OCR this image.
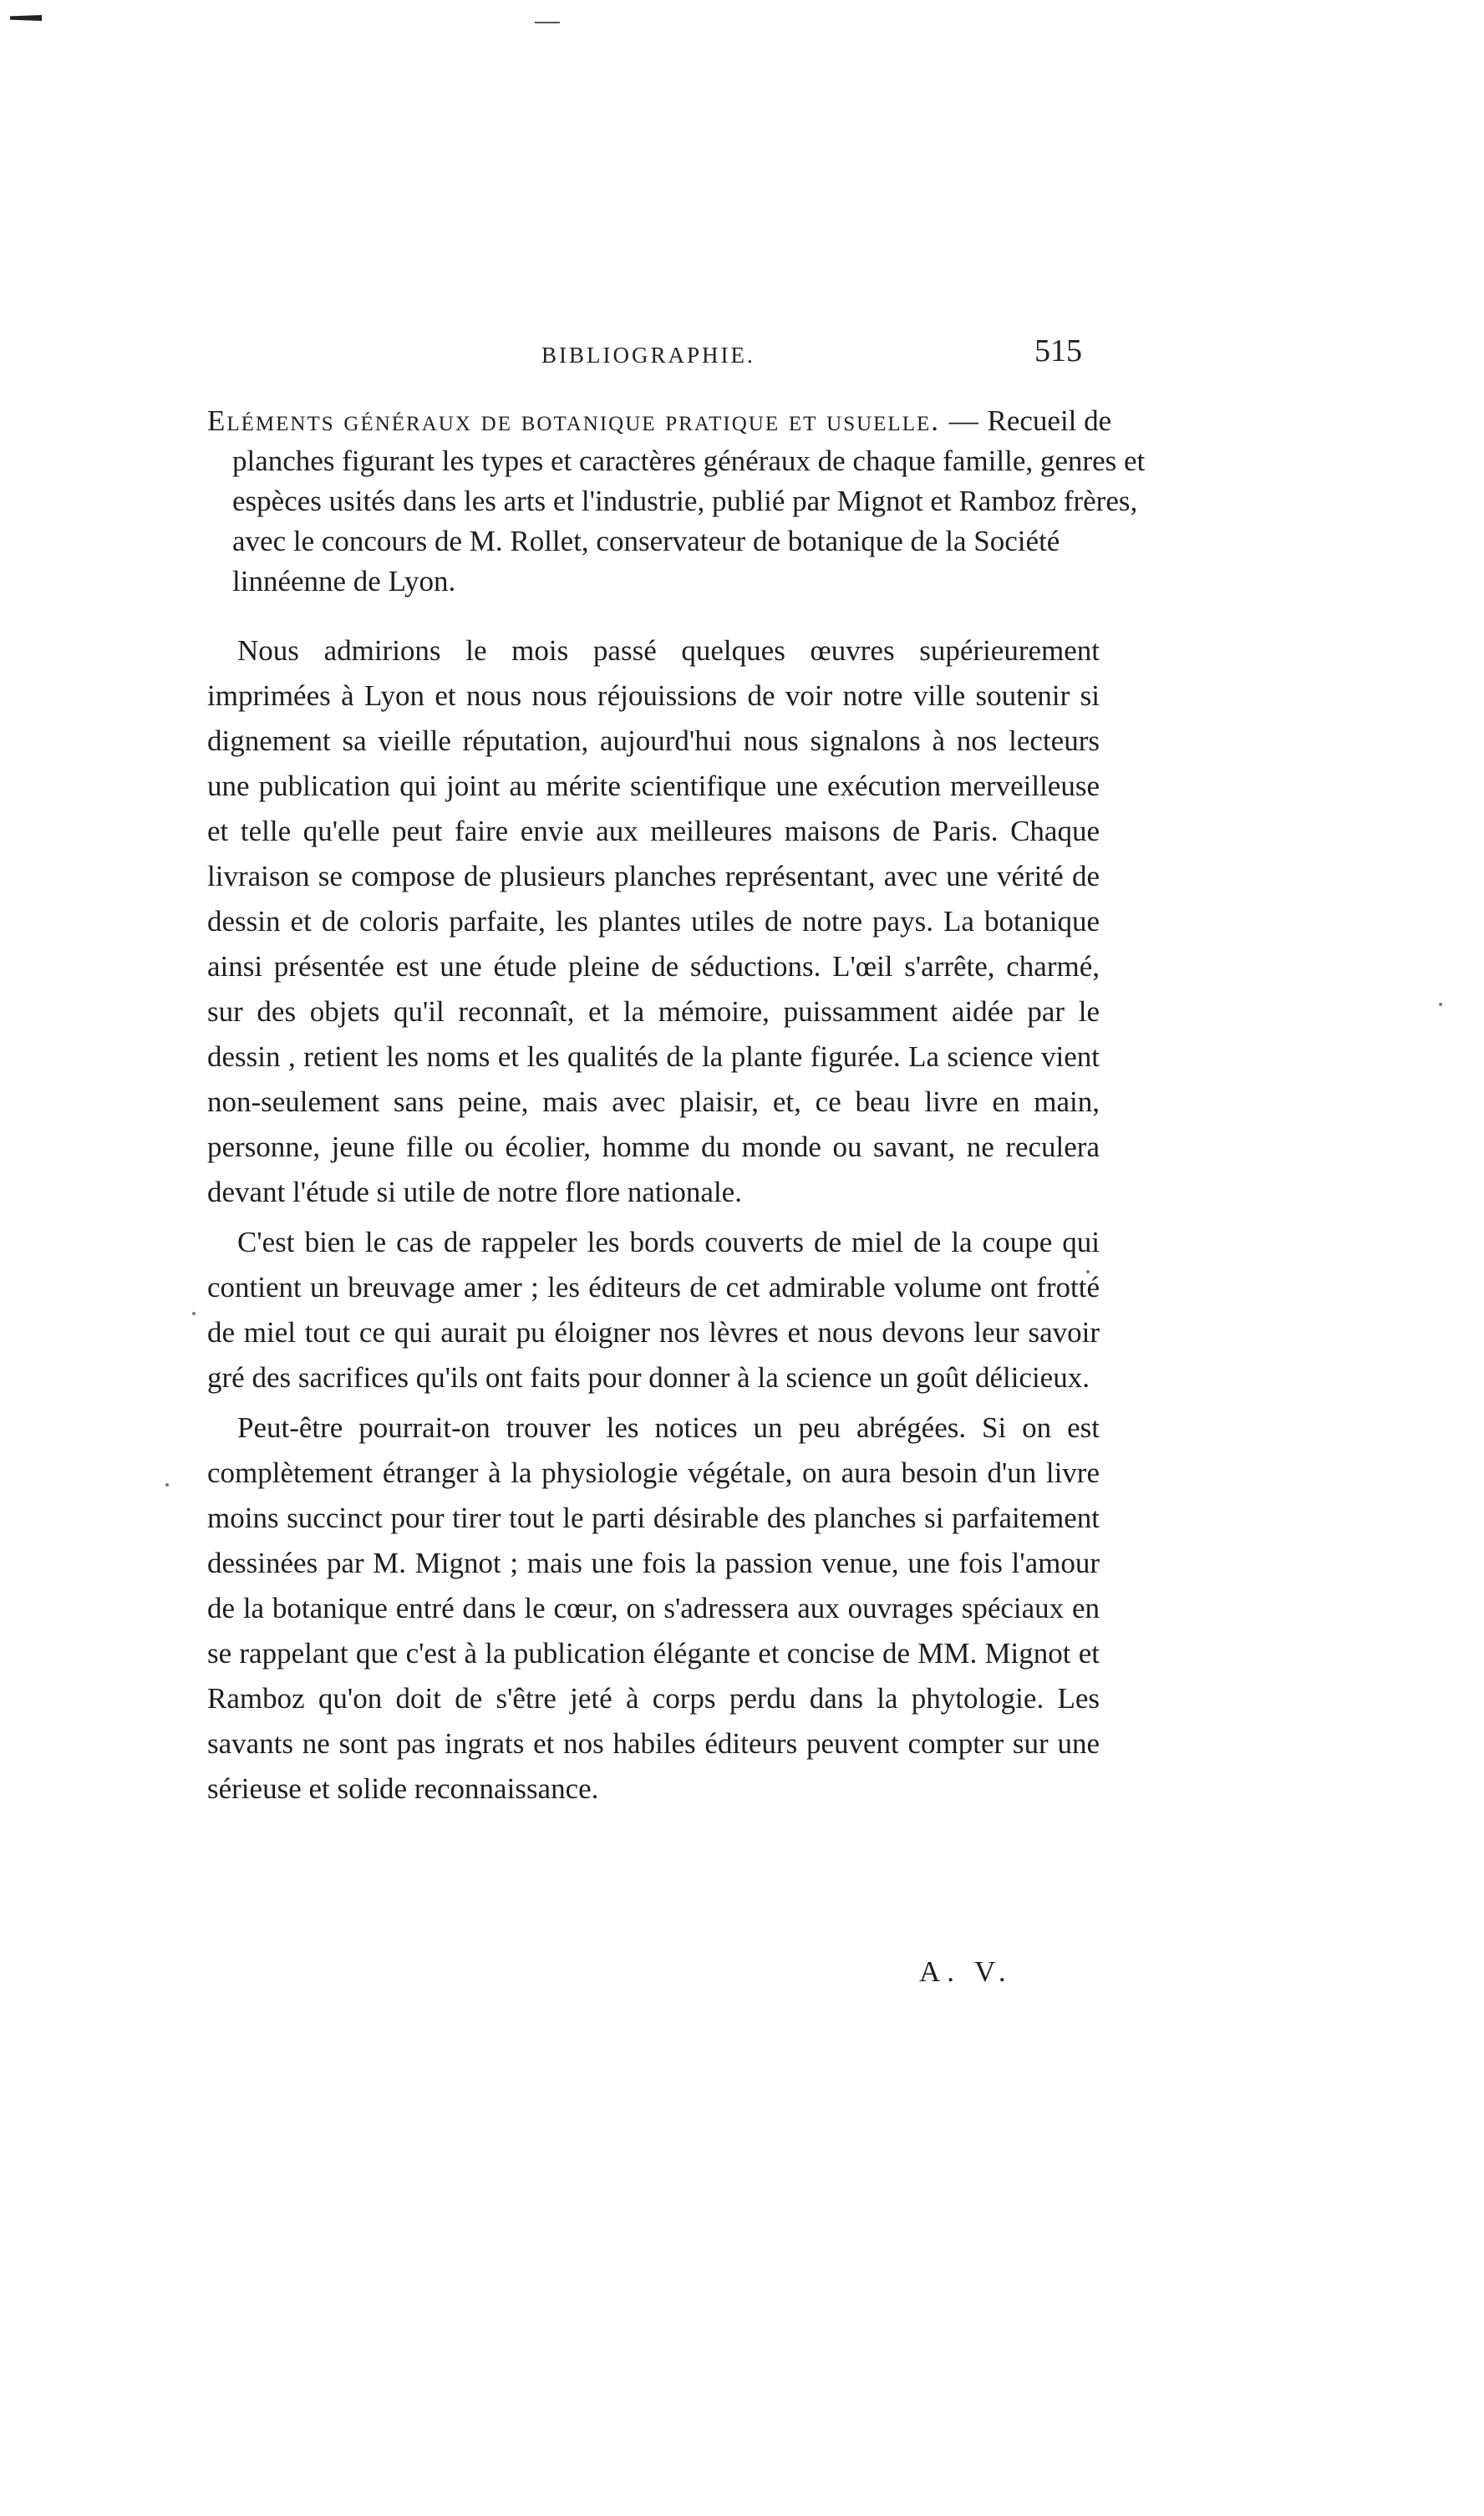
BIBLIOGRAPHIE.	515
Eléments généraux de botanique pratique et usuelle. — Recueil de planches figurant les types et caractères généraux de chaque famille, genres et espèces usités dans les arts et l'industrie, publié par Mignot et Ramboz frères, avec le concours de M. Rollet, conservateur de botanique de la Société linnéenne de Lyon.

Nous admirions le mois passé quelques œuvres supérieurement imprimées à Lyon et nous nous réjouissions de voir notre ville soutenir si dignement sa vieille réputation, aujourd'hui nous signalons à nos lecteurs une publication qui joint au mérite scientifique une exécution merveilleuse et telle qu'elle peut faire envie aux meilleures maisons de Paris. Chaque livraison se compose de plusieurs planches représentant, avec une vérité de dessin et de coloris parfaite, les plantes utiles de notre pays. La botanique ainsi présentée est une étude pleine de séductions. L'œil s'arrête, charmé, sur des objets qu'il reconnaît, et la mémoire, puissamment aidée par le dessin , retient les noms et les qualités de la plante figurée. La science vient non-seulement sans peine, mais avec plaisir, et, ce beau livre en main, personne, jeune fille ou écolier, homme du monde ou savant, ne reculera devant l'étude si utile de notre flore nationale.

C'est bien le cas de rappeler les bords couverts de miel de la coupe qui contient un breuvage amer ; les éditeurs de cet admirable volume ont frotté de miel tout ce qui aurait pu éloigner nos lèvres et nous devons leur savoir gré des sacrifices qu'ils ont faits pour donner à la science un goût délicieux.

Peut-être pourrait-on trouver les notices un peu abrégées. Si on est complètement étranger à la physiologie végétale, on aura besoin d'un livre moins succinct pour tirer tout le parti désirable des planches si parfaitement dessinées par M. Mignot ; mais une fois la passion venue, une fois l'amour de la botanique entré dans le cœur, on s'adressera aux ouvrages spéciaux en se rappelant que c'est à la publication élégante et concise de MM. Mignot et Ramboz qu'on doit de s'être jeté à corps perdu dans la phytologie. Les savants ne sont pas ingrats et nos habiles éditeurs peuvent compter sur une sérieuse et solide reconnaissance.

A. V.
